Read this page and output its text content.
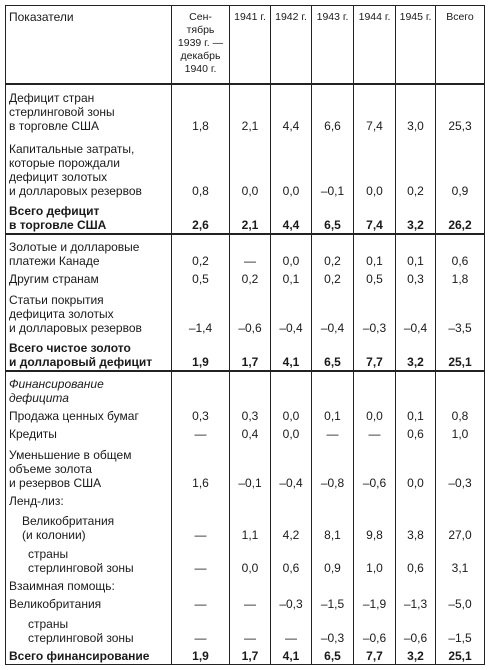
Показатели	Сен-
тябрь
1939 г. —
декабрь
1940 г.	1941 г.	1942 г.	1943 г.	1944 г.	1945 г.	Всего
Дефицит стран
стерлинговой зоны
в торговле США	1,8	2,1	4,4	6,6	7,4	3,0	25,3
Капитальные затраты,
которые порождали
дефицит золотых
и долларовых резервов	0,8	0,0	0,0	–0,1	0,0	0,2	0,9
Всего дефицит
в торговле США	2,6	2,1	4,4	6,5	7,4	3,2	26,2
Золотые и долларовые
платежи Канаде	0,2	—	0,0	0,2	0,1	0,1	0,6
Другим странам	0,5	0,2	0,1	0,2	0,5	0,3	1,8
Статьи покрытия
дефицита золотых
и долларовых резервов	–1,4	–0,6	–0,4	–0,4	–0,3	–0,4	–3,5
Всего чистое золото
и долларовый дефицит	1,9	1,7	4,1	6,5	7,7	3,2	25,1
Финансирование
дефицита							
Продажа ценных бумаг	0,3	0,3	0,0	0,1	0,0	0,1	0,8
Кредиты	—	0,4	0,0	—	—	0,6	1,0
Уменьшение в общем
объеме золота
и резервов США	1,6	–0,1	–0,4	–0,8	–0,6	0,0	–0,3
Ленд-лиз:							
Великобритания
(и колонии)	—	1,1	4,2	8,1	9,8	3,8	27,0
страны
стерлинговой зоны	—	0,0	0,6	0,9	1,0	0,6	3,1
Взаимная помощь:							
Великобритания	—	—	–0,3	–1,5	–1,9	–1,3	–5,0
страны
стерлинговой зоны	—	—	—	–0,3	–0,6	–0,6	–1,5
Всего финансирование	1,9	1,7	4,1	6,5	7,7	3,2	25,1
